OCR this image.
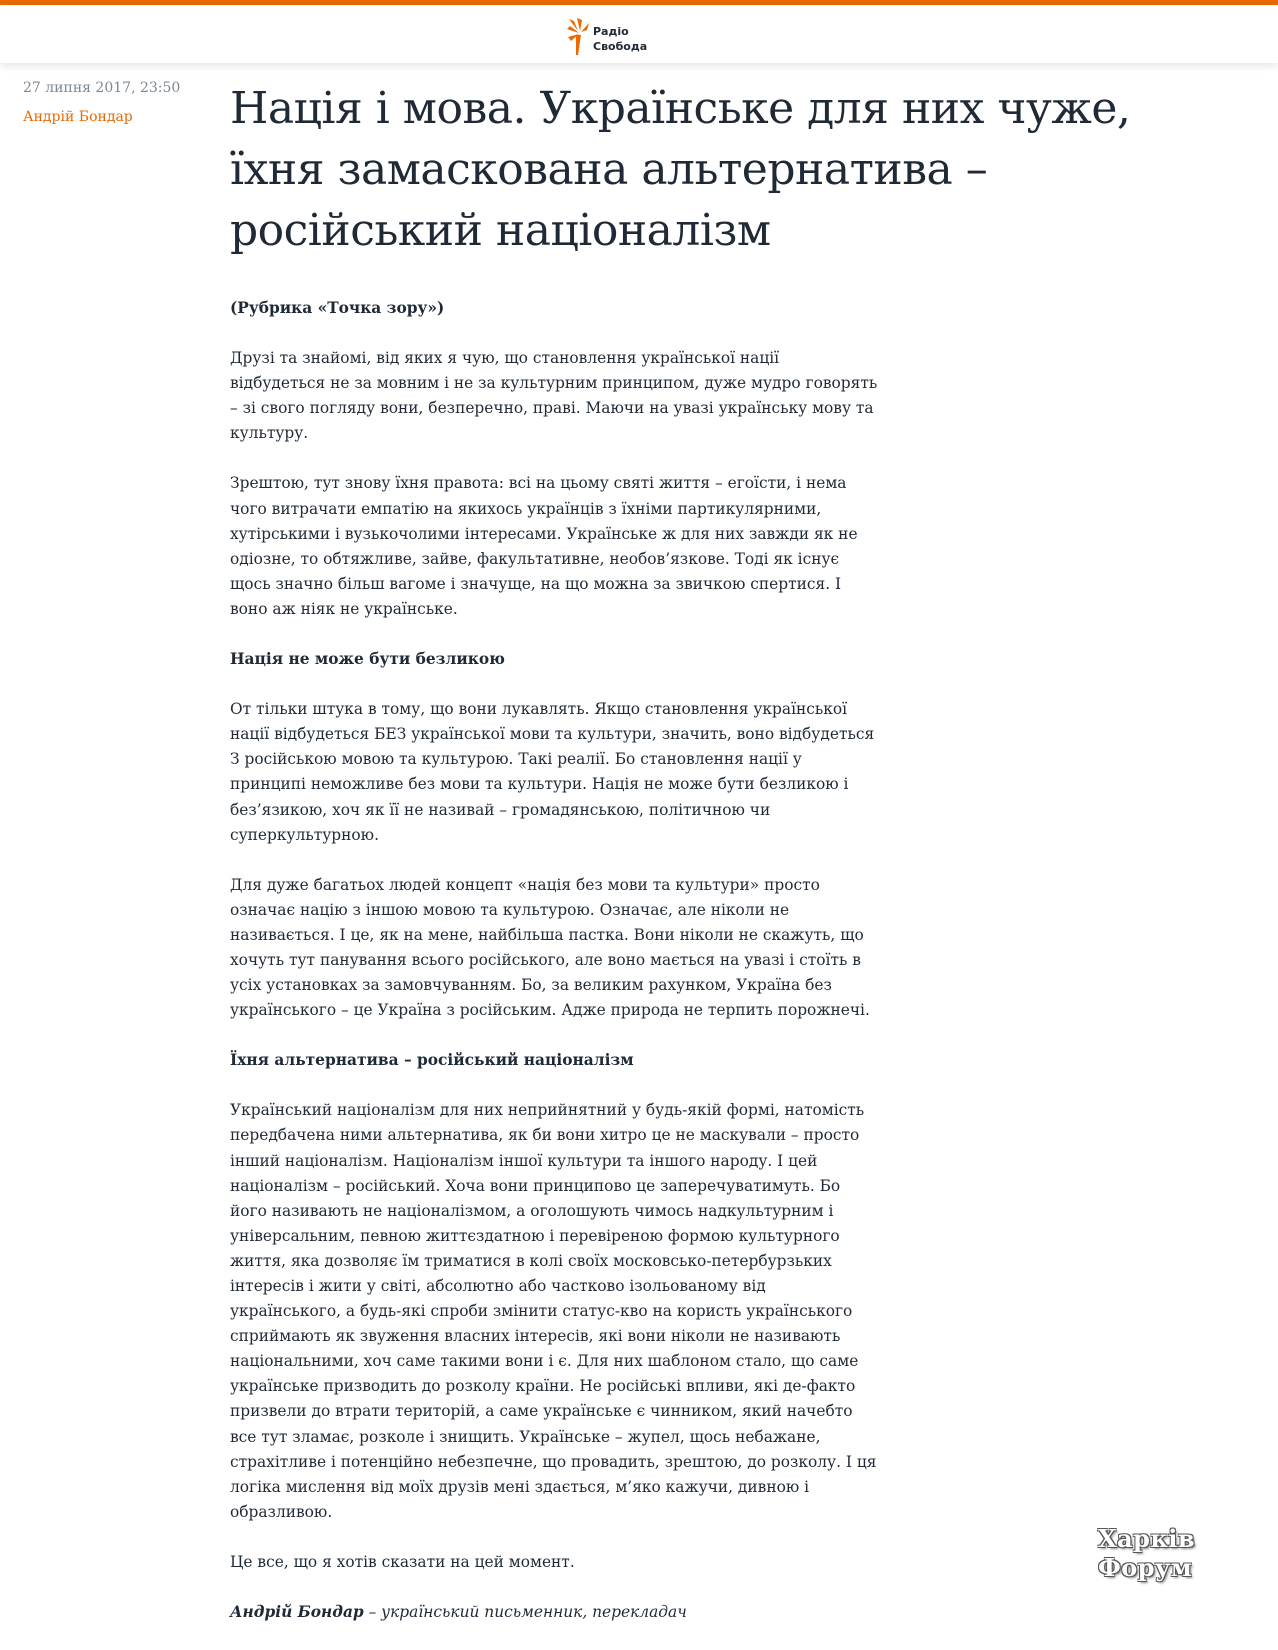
Радіо
Свобода
27 липня 2017, 23:50
Андрій Бондар Нація і мова. Українське для них чуже, їхня замаскована альтернатива – російський націоналізм

(Рубрика «Точка зору»)

Друзі та знайомі, від яких я чую, що становлення української нації відбудеться не за мовним і не за культурним принципом, дуже мудро говорять – зі свого погляду вони, безперечно, праві. Маючи на увазі українську мову та культуру.

Зрештою, тут знову їхня правота: всі на цьому святі життя – егоїсти, і нема чого витрачати емпатію на якихось українців з їхніми партикулярними, хутірськими і вузькочолими інтересами. Українське ж для них завжди як не одіозне, то обтяжливе, зайве, факультативне, необов’язкове. Тоді як існує щось значно більш вагоме і значуще, на що можна за звичкою спертися. І воно аж ніяк не українське.

Нація не може бути безликою

От тільки штука в тому, що вони лукавлять. Якщо становлення української нації відбудеться БЕЗ української мови та культури, значить, воно відбудеться З російською мовою та культурою. Такі реалії. Бо становлення нації у принципі неможливе без мови та культури. Нація не може бути безликою і без’язикою, хоч як її не називай – громадянською, політичною чи суперкультурною.

Для дуже багатьох людей концепт «нація без мови та культури» просто означає націю з іншою мовою та культурою. Означає, але ніколи не називається. І це, як на мене, найбільша пастка. Вони ніколи не скажуть, що хочуть тут панування всього російського, але воно мається на увазі і стоїть в усіх установках за замовчуванням. Бо, за великим рахунком, Україна без українського – це Україна з російським. Адже природа не терпить порожнечі.

Їхня альтернатива – російський націоналізм

Український націоналізм для них неприйнятний у будь-якій формі, натомість передбачена ними альтернатива, як би вони хитро це не маскували – просто інший націоналізм. Націоналізм іншої культури та іншого народу. І цей націоналізм – російський. Хоча вони принципово це заперечуватимуть. Бо його називають не націоналізмом, а оголошують чимось надкультурним і універсальним, певною життєздатною і перевіреною формою культурного життя, яка дозволяє їм триматися в колі своїх московсько-петербурзьких інтересів і жити у світі, абсолютно або частково ізольованому від українського, а будь-які спроби змінити статус-кво на користь українського сприймають як звуження власних інтересів, які вони ніколи не називають національними, хоч саме такими вони і є. Для них шаблоном стало, що саме українське призводить до розколу країни. Не російські впливи, які де-факто призвели до втрати територій, а саме українське є чинником, який начебто все тут зламає, розколе і знищить. Українське – жупел, щось небажане, страхітливе і потенційно небезпечне, що провадить, зрештою, до розколу. І ця логіка мислення від моїх друзів мені здається, м’яко кажучи, дивною і образливою.

Це все, що я хотів сказати на цей момент.

Андрій Бондар – український письменник, перекладач

Харків Форум
